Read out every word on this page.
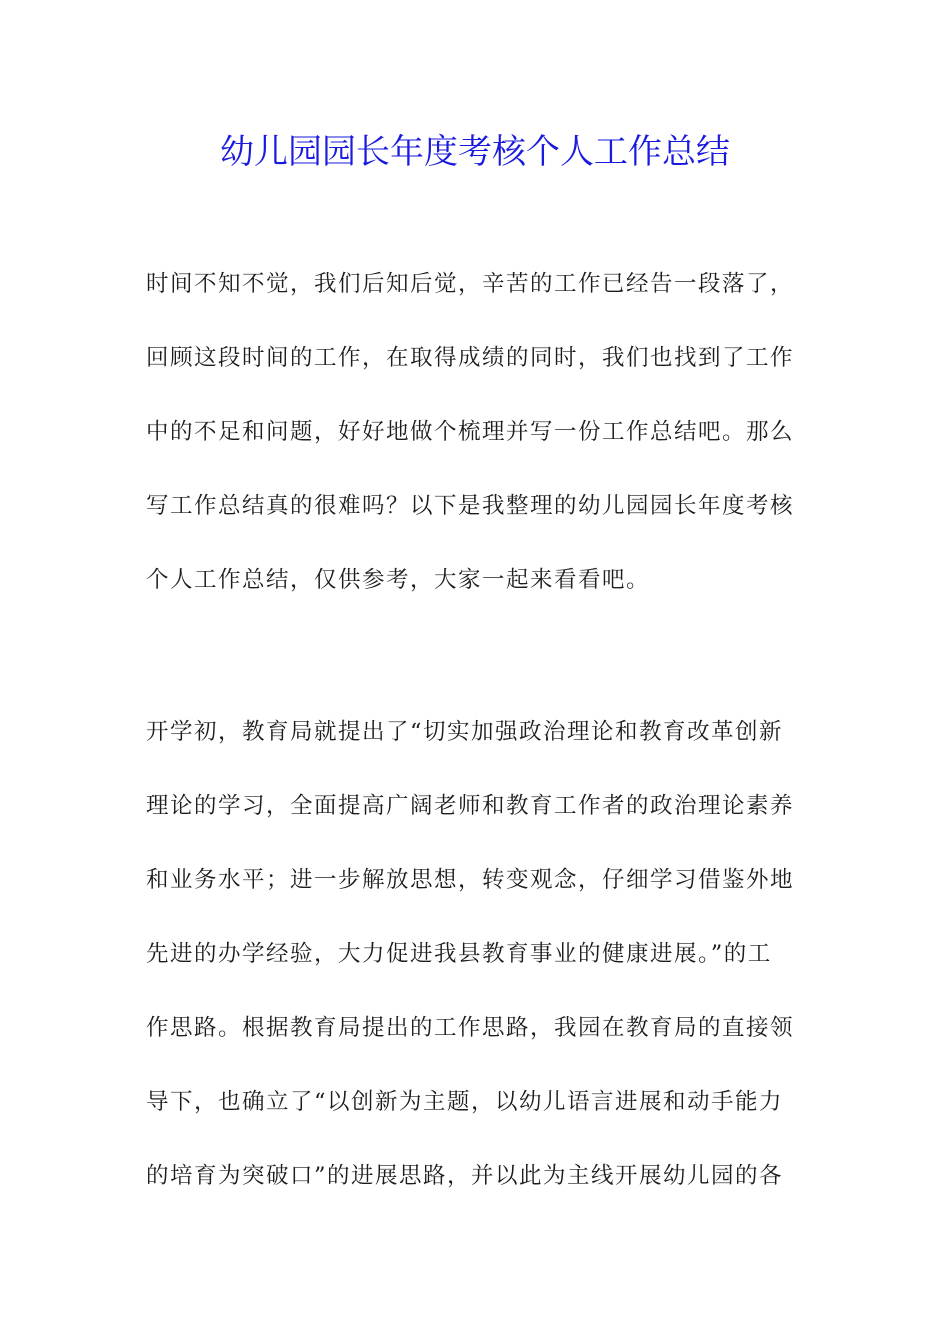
幼儿园园长年度考核个人工作总结
时间不知不觉，我们后知后觉，辛苦的工作已经告一段落了，
回顾这段时间的工作，在取得成绩的同时，我们也找到了工作
中的不足和问题，好好地做个梳理并写一份工作总结吧。那么
写工作总结真的很难吗？以下是我整理的幼儿园园长年度考核
个人工作总结，仅供参考，大家一起来看看吧。
开学初，教育局就提出了“切实加强政治理论和教育改革创新
理论的学习，全面提高广阔老师和教育工作者的政治理论素养
和业务水平；进一步解放思想，转变观念，仔细学习借鉴外地
先进的办学经验，大力促进我县教育事业的健康进展。”的工
作思路。根据教育局提出的工作思路，我园在教育局的直接领
导下，也确立了“以创新为主题，以幼儿语言进展和动手能力
的培育为突破口”的进展思路，并以此为主线开展幼儿园的各
